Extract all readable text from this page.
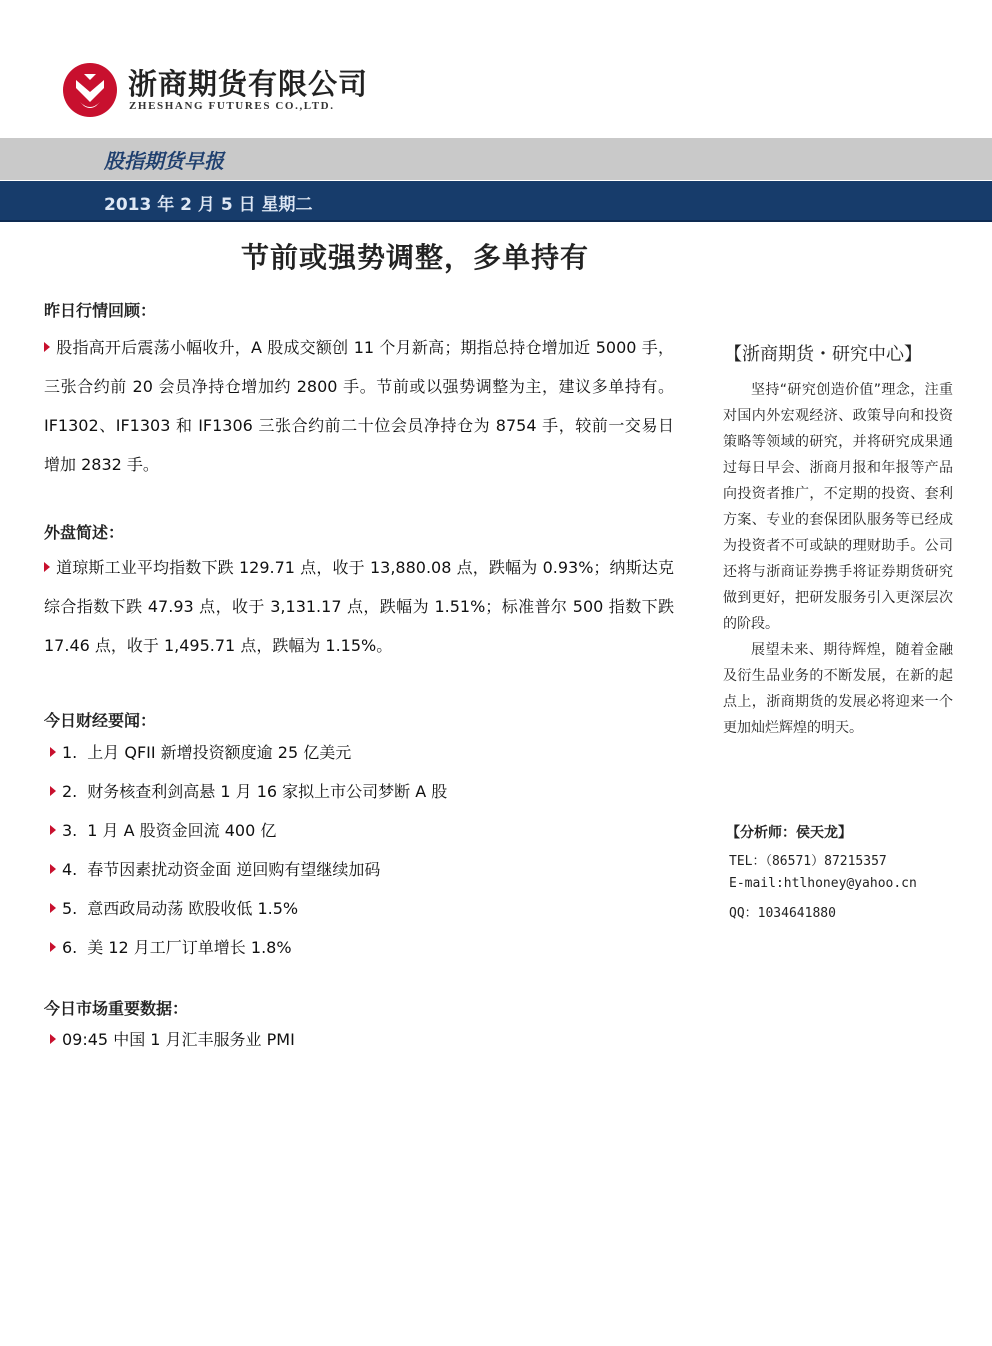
浙商期货有限公司
ZHESHANG FUTURES CO.,LTD.
股指期货早报
2013 年 2 月 5 日 星期二
节前或强势调整，多单持有
昨日行情回顾：
股指高开后震荡小幅收升，A 股成交额创 11 个月新高；期指总持仓增加近 5000 手，三张合约前 20 会员净持仓增加约 2800 手。节前或以强势调整为主，建议多单持有。IF1302、IF1303 和 IF1306 三张合约前二十位会员净持仓为 8754 手，较前一交易日增加 2832 手。
外盘简述：
道琼斯工业平均指数下跌 129.71 点，收于 13,880.08 点，跌幅为 0.93%；纳斯达克综合指数下跌 47.93 点，收于 3,131.17 点，跌幅为 1.51%；标准普尔 500 指数下跌 17.46 点，收于 1,495.71 点，跌幅为 1.15%。
今日财经要闻：
1. 上月 QFII 新增投资额度逾 25 亿美元
2. 财务核查利剑高悬 1 月 16 家拟上市公司梦断 A 股
3. 1 月 A 股资金回流 400 亿
4. 春节因素扰动资金面 逆回购有望继续加码
5. 意西政局动荡 欧股收低 1.5%
6. 美 12 月工厂订单增长 1.8%
今日市场重要数据：
09:45 中国 1 月汇丰服务业 PMI
【浙商期货・研究中心】

坚持“研究创造价值”理念，注重对国内外宏观经济、政策导向和投资策略等领域的研究，并将研究成果通过每日早会、浙商月报和年报等产品向投资者推广，不定期的投资、套利方案、专业的套保团队服务等已经成为投资者不可或缺的理财助手。公司还将与浙商证券携手将证券期货研究做到更好，把研发服务引入更深层次的阶段。

展望未来、期待辉煌，随着金融及衍生品业务的不断发展，在新的起点上，浙商期货的发展必将迎来一个更加灿烂辉煌的明天。

【分析师：侯天龙】
TEL：（86571）87215357
E-mail:htlhoney@yahoo.cn
QQ：1034641880
